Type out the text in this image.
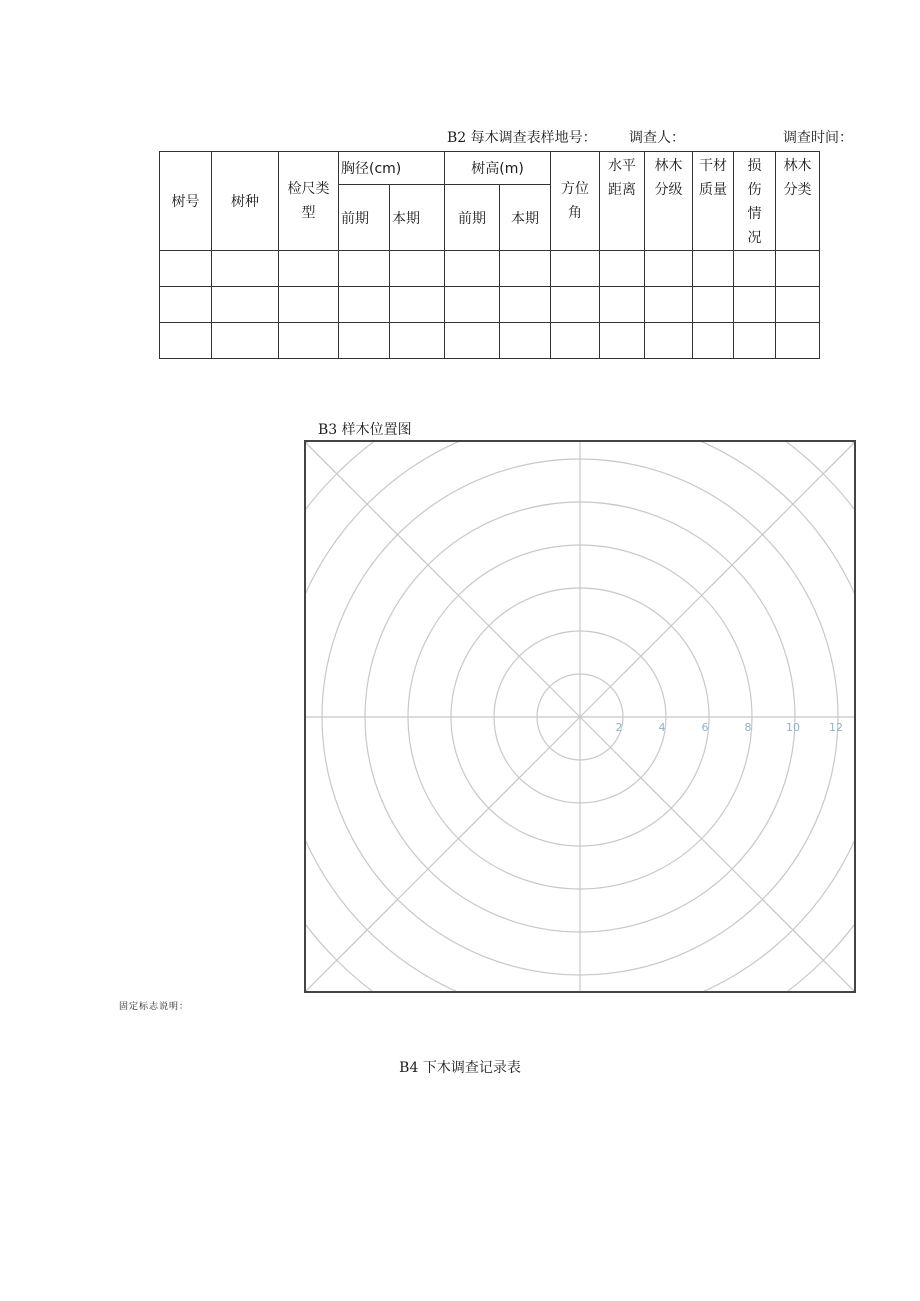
B2 每木调查表样地号： 调查人：	调查时间：
树号	树种	检尺类型	胸径(cm)		树高(m)		方位角	水平距离	林木分级	干材质量	损伤情况	林木分类
			前期	本期	前期	本期						

B3 样木位置图
2	4	6	8	10	12
固定标志说明：
B4 下木调查记录表
